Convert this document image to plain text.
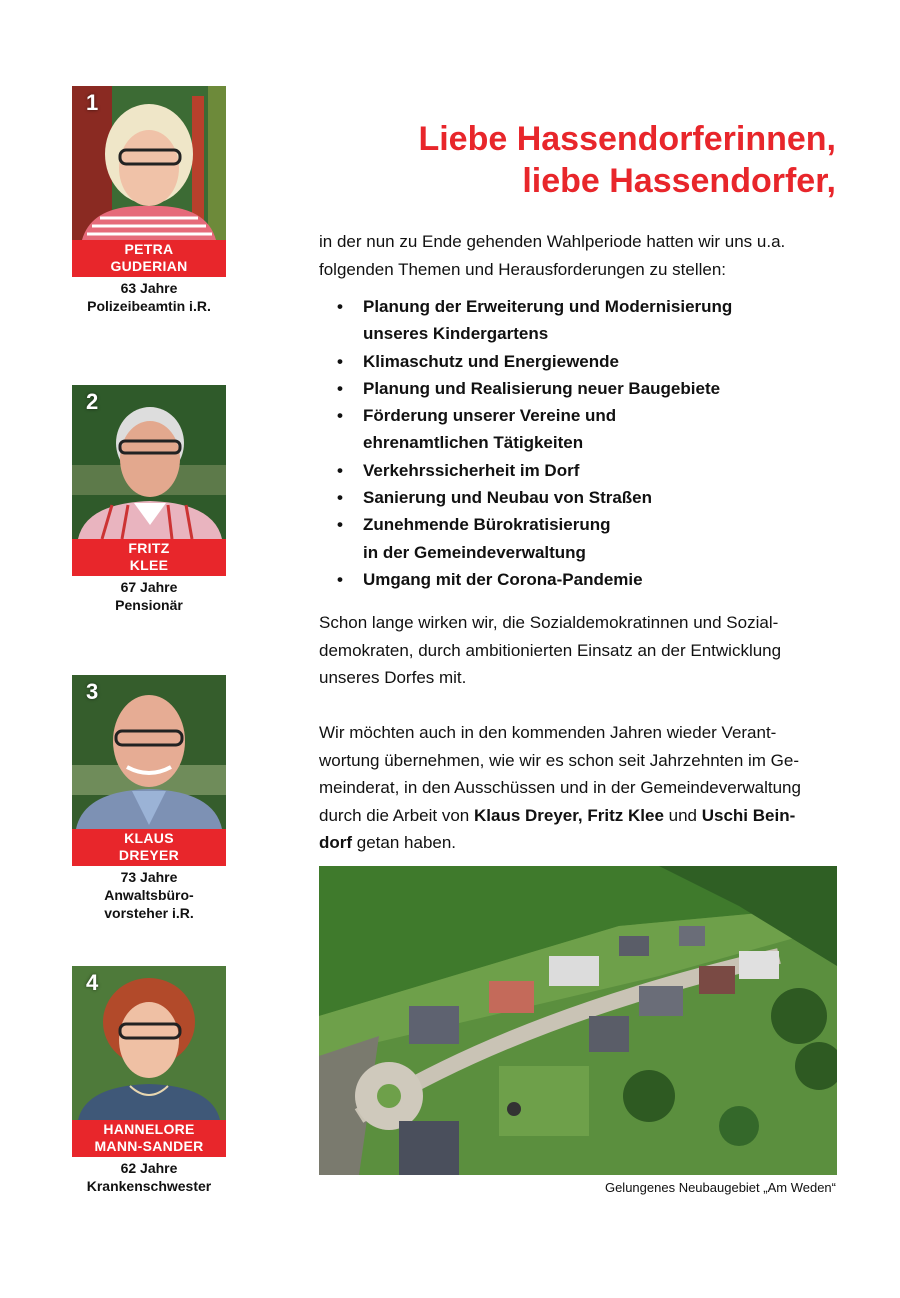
1
PETRA
GUDERIAN
63 Jahre
Polizeibeamtin i.R.
2
FRITZ
KLEE
67 Jahre
Pensionär
3
KLAUS
DREYER
73 Jahre
Anwaltsbüro-
vorsteher i.R.
4
HANNELORE
MANN-SANDER
62 Jahre
Krankenschwester
Liebe Hassendorferinnen,
liebe Hassendorfer,
in der nun zu Ende gehenden Wahlperiode hatten wir uns u.a.
folgenden Themen und Herausforderungen zu stellen:
• Planung der Erweiterung und Modernisierung
unseres Kindergartens
• Klimaschutz und Energiewende
• Planung und Realisierung neuer Baugebiete
• Förderung unserer Vereine und
ehrenamtlichen Tätigkeiten
• Verkehrssicherheit im Dorf
• Sanierung und Neubau von Straßen
• Zunehmende Bürokratisierung
in der Gemeindeverwaltung
• Umgang mit der Corona-Pandemie
Schon lange wirken wir, die Sozialdemokratinnen und Sozial-
demokraten, durch ambitionierten Einsatz an der Entwicklung
unseres Dorfes mit.
Wir möchten auch in den kommenden Jahren wieder Verant-
wortung übernehmen, wie wir es schon seit Jahrzehnten im Ge-
meinderat, in den Ausschüssen und in der Gemeindeverwaltung
durch die Arbeit von Klaus Dreyer, Fritz Klee und Uschi Bein-
dorf getan haben.
Gelungenes Neubaugebiet „Am Weden“
